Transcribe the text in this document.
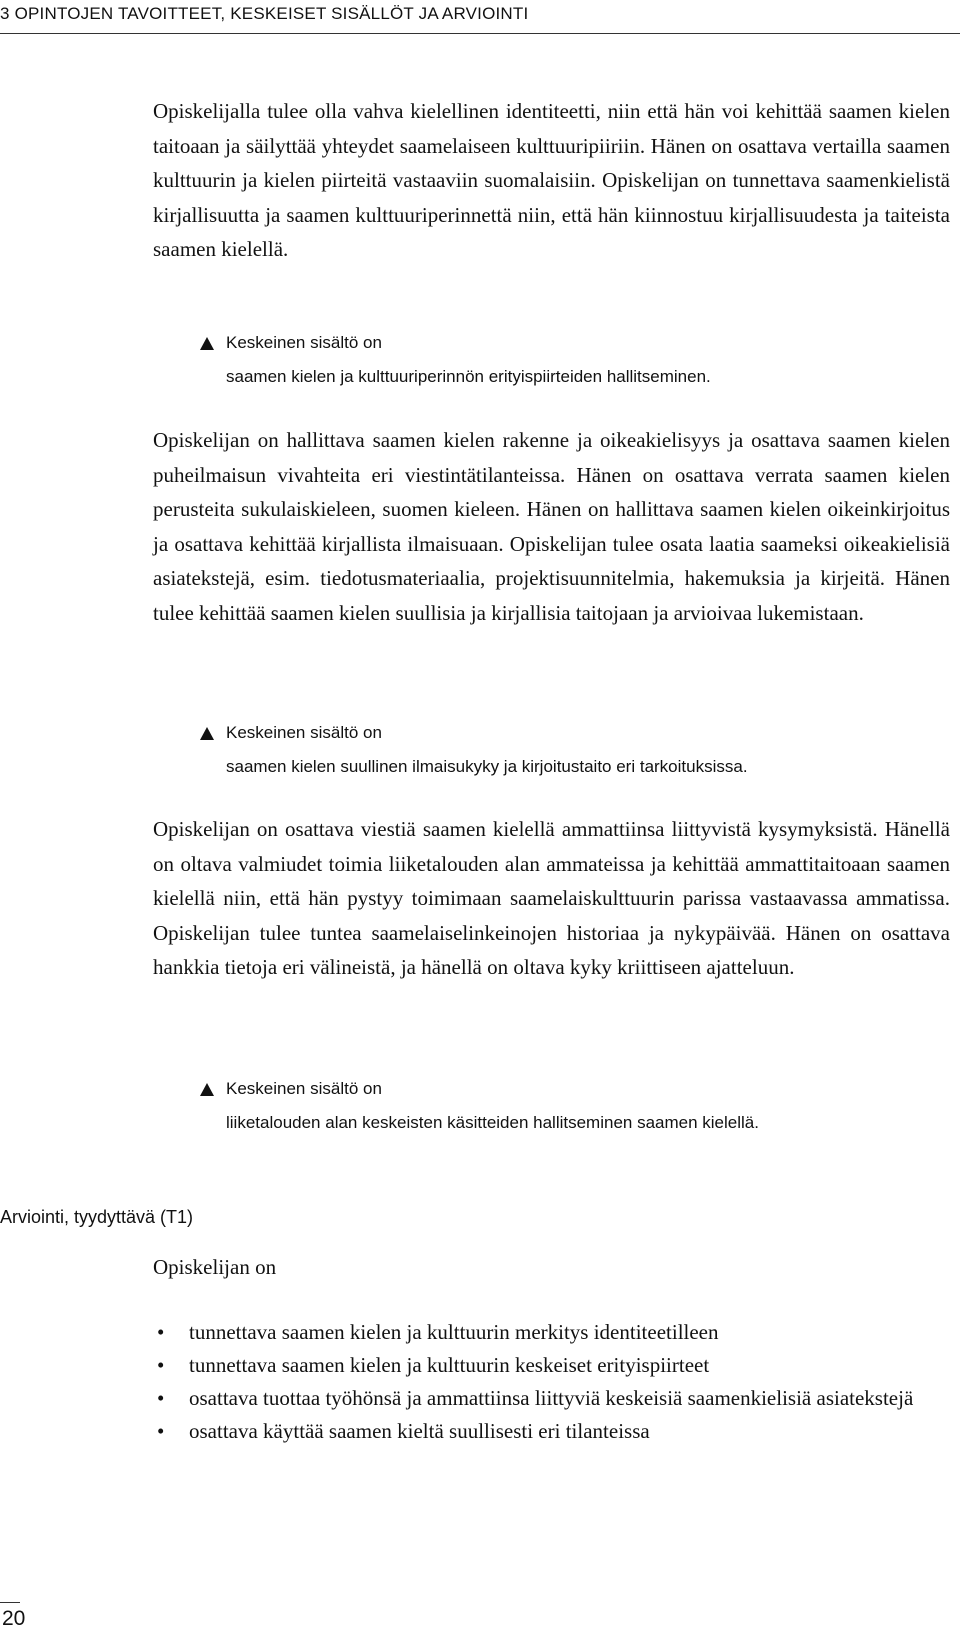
3 OPINTOJEN TAVOITTEET, KESKEISET SISÄLLÖT JA ARVIOINTI

Opiskelijalla tulee olla vahva kielellinen identiteetti, niin että hän voi kehittää saamen kielen taitoaan ja säilyttää yhteydet saamelaiseen kulttuuripiiriin. Hänen on osattava vertailla saamen kulttuurin ja kielen piirteitä vastaaviin suomalaisiin. Opiskelijan on tunnettava saamenkielistä kirjallisuutta ja saamen kulttuuriperinnettä niin, että hän kiinnostuu kirjallisuudesta ja taiteista saamen kielellä.

Keskeinen sisältö on
saamen kielen ja kulttuuriperinnön erityispiirteiden hallitseminen.

Opiskelijan on hallittava saamen kielen rakenne ja oikeakielisyys ja osattava saamen kielen puheilmaisun vivahteita eri viestintätilanteissa. Hänen on osattava verrata saamen kielen perusteita sukulaiskieleen, suomen kieleen. Hänen on hallittava saamen kielen oikeinkirjoitus ja osattava kehittää kirjallista ilmaisuaan. Opiskelijan tulee osata laatia saameksi oikeakielisiä asiatekstejä, esim. tiedotusmateriaalia, projektisuunnitelmia, hakemuksia ja kirjeitä. Hänen tulee kehittää saamen kielen suullisia ja kirjallisia taitojaan ja arvioivaa lukemistaan.

Keskeinen sisältö on
saamen kielen suullinen ilmaisukyky ja kirjoitustaito eri tarkoituksissa.

Opiskelijan on osattava viestiä saamen kielellä ammattiinsa liittyvistä kysymyksistä. Hänellä on oltava valmiudet toimia liiketalouden alan ammateissa ja kehittää ammattitaitoaan saamen kielellä niin, että hän pystyy toimimaan saamelaiskulttuurin parissa vastaavassa ammatissa. Opiskelijan tulee tuntea saamelaiselinkeinojen historiaa ja nykypäivää. Hänen on osattava hankkia tietoja eri välineistä, ja hänellä on oltava kyky kriittiseen ajatteluun.

Keskeinen sisältö on
liiketalouden alan keskeisten käsitteiden hallitseminen saamen kielellä.
Arviointi, tyydyttävä (T1)

Opiskelijan on

• tunnettava saamen kielen ja kulttuurin merkitys identiteetilleen
• tunnettava saamen kielen ja kulttuurin keskeiset erityispiirteet
• osattava tuottaa työhönsä ja ammattiinsa liittyviä keskeisiä saamenkielisiä asiatekstejä
• osattava käyttää saamen kieltä suullisesti eri tilanteissa
20
